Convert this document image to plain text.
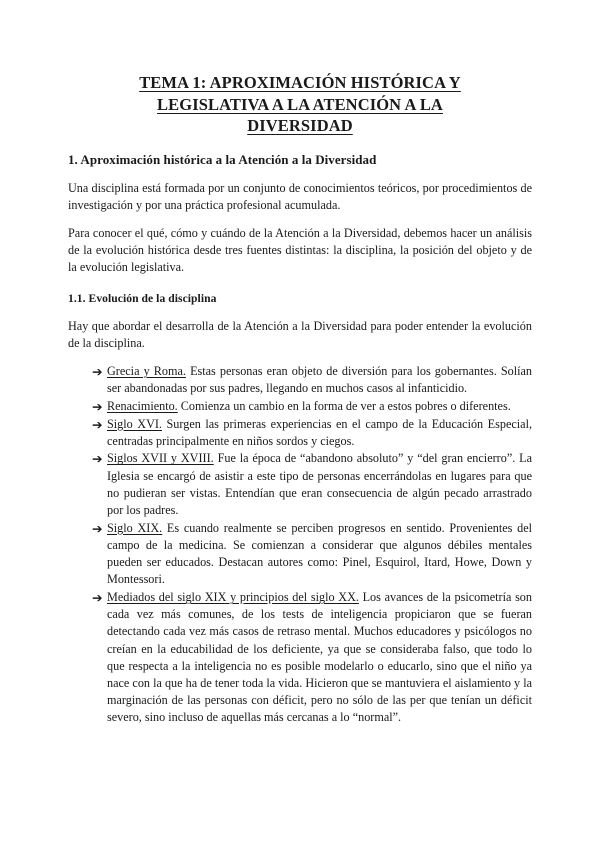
TEMA 1: APROXIMACIÓN HISTÓRICA Y
LEGISLATIVA A LA ATENCIÓN A LA
DIVERSIDAD
1. Aproximación histórica a la Atención a la Diversidad

Una disciplina está formada por un conjunto de conocimientos teóricos, por procedimientos de investigación y por una práctica profesional acumulada.

Para conocer el qué, cómo y cuándo de la Atención a la Diversidad, debemos hacer un análisis de la evolución histórica desde tres fuentes distintas: la disciplina, la posición del objeto y de la evolución legislativa.

1.1. Evolución de la disciplina

Hay que abordar el desarrolla de la Atención a la Diversidad para poder entender la evolución de la disciplina.

➔ Grecia y Roma. Estas personas eran objeto de diversión para los gobernantes. Solían ser abandonadas por sus padres, llegando en muchos casos al infanticidio.
➔ Renacimiento. Comienza un cambio en la forma de ver a estos pobres o diferentes.
➔ Siglo XVI. Surgen las primeras experiencias en el campo de la Educación Especial, centradas principalmente en niños sordos y ciegos.
➔ Siglos XVII y XVIII. Fue la época de “abandono absoluto” y “del gran encierro”. La Iglesia se encargó de asistir a este tipo de personas encerrándolas en lugares para que no pudieran ser vistas. Entendían que eran consecuencia de algún pecado arrastrado por los padres.
➔ Siglo XIX. Es cuando realmente se perciben progresos en sentido. Provenientes del campo de la medicina. Se comienzan a considerar que algunos débiles mentales pueden ser educados. Destacan autores como: Pinel, Esquirol, Itard, Howe, Down y Montessori.
➔ Mediados del siglo XIX y principios del siglo XX. Los avances de la psicometría son cada vez más comunes, de los tests de inteligencia propiciaron que se fueran detectando cada vez más casos de retraso mental. Muchos educadores y psicólogos no creían en la educabilidad de los deficiente, ya que se consideraba falso, que todo lo que respecta a la inteligencia no es posible modelarlo o educarlo, sino que el niño ya nace con la que ha de tener toda la vida. Hicieron que se mantuviera el aislamiento y la marginación de las personas con déficit, pero no sólo de las per que tenían un déficit severo, sino incluso de aquellas más cercanas a lo “normal”.
